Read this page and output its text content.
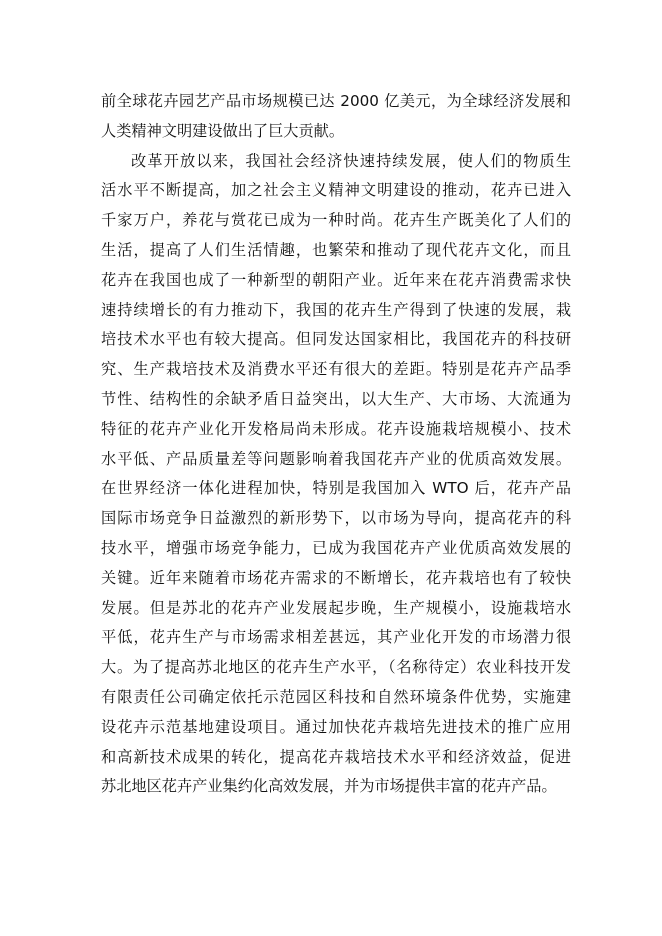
前全球花卉园艺产品市场规模已达 2000 亿美元，为全球经济发展和
人类精神文明建设做出了巨大贡献。
改革开放以来，我国社会经济快速持续发展，使人们的物质生
活水平不断提高，加之社会主义精神文明建设的推动，花卉已进入
千家万户，养花与赏花已成为一种时尚。花卉生产既美化了人们的
生活，提高了人们生活情趣，也繁荣和推动了现代花卉文化，而且
花卉在我国也成了一种新型的朝阳产业。近年来在花卉消费需求快
速持续增长的有力推动下，我国的花卉生产得到了快速的发展，栽
培技术水平也有较大提高。但同发达国家相比，我国花卉的科技研
究、生产栽培技术及消费水平还有很大的差距。特别是花卉产品季
节性、结构性的余缺矛盾日益突出，以大生产、大市场、大流通为
特征的花卉产业化开发格局尚未形成。花卉设施栽培规模小、技术
水平低、产品质量差等问题影响着我国花卉产业的优质高效发展。
在世界经济一体化进程加快，特别是我国加入 WTO 后，花卉产品
国际市场竞争日益激烈的新形势下，以市场为导向，提高花卉的科
技水平，增强市场竞争能力，已成为我国花卉产业优质高效发展的
关键。近年来随着市场花卉需求的不断增长，花卉栽培也有了较快
发展。但是苏北的花卉产业发展起步晚，生产规模小，设施栽培水
平低，花卉生产与市场需求相差甚远，其产业化开发的市场潜力很
大。为了提高苏北地区的花卉生产水平，（名称待定）农业科技开发
有限责任公司确定依托示范园区科技和自然环境条件优势，实施建
设花卉示范基地建设项目。通过加快花卉栽培先进技术的推广应用
和高新技术成果的转化，提高花卉栽培技术水平和经济效益，促进
苏北地区花卉产业集约化高效发展，并为市场提供丰富的花卉产品。
